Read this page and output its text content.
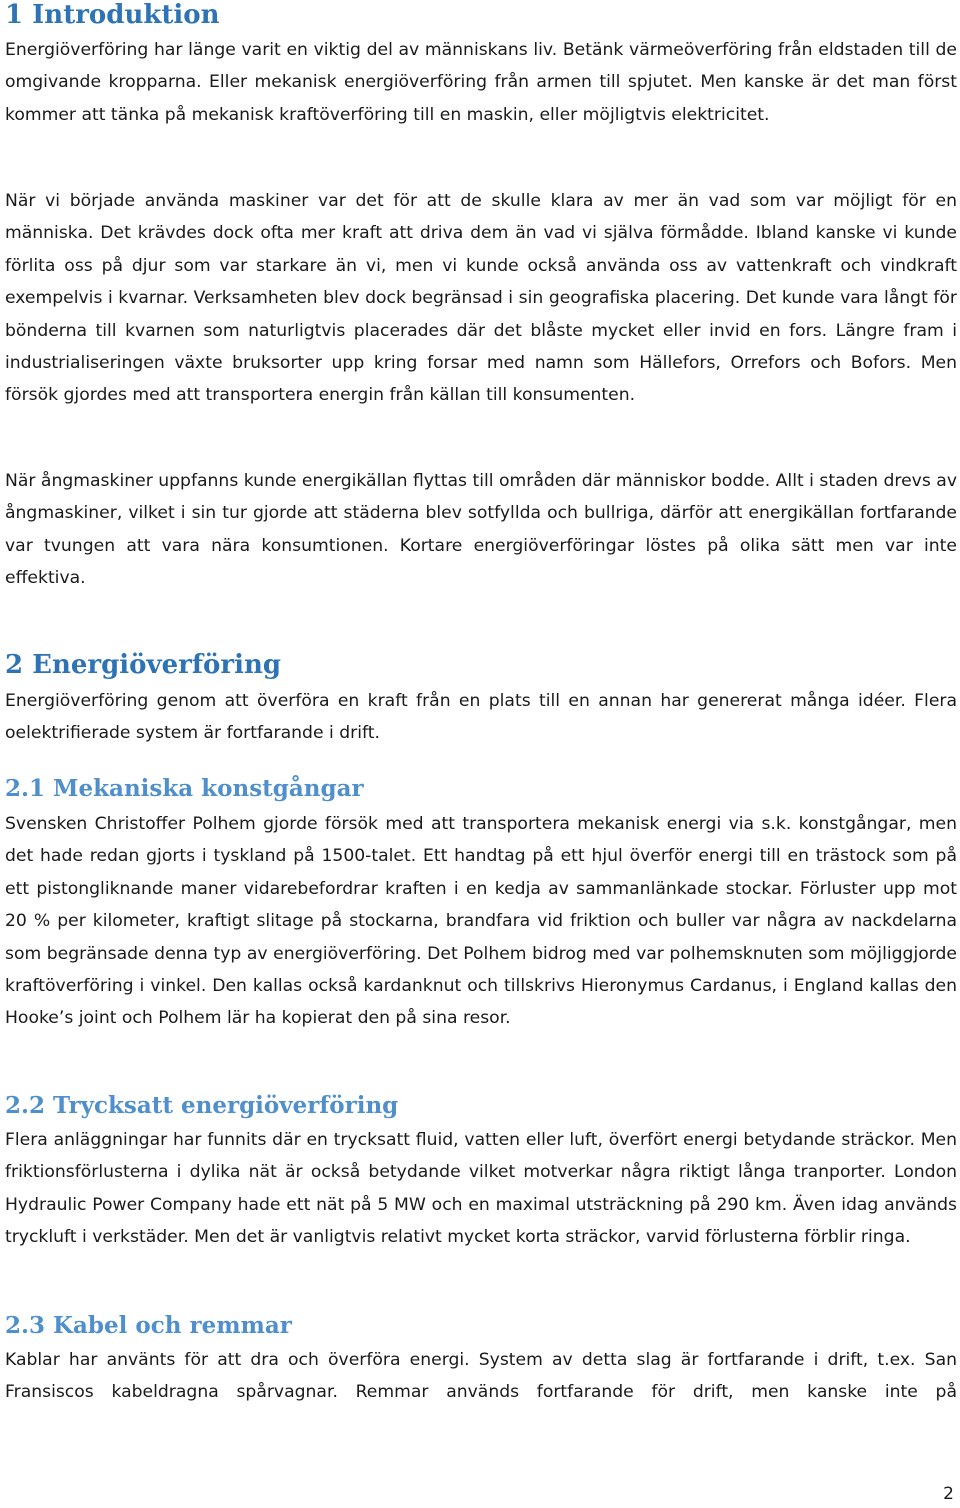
1 Introduktion

Energiöverföring har länge varit en viktig del av människans liv. Betänk värmeöverföring från eldstaden till de omgivande kropparna. Eller mekanisk energiöverföring från armen till spjutet. Men kanske är det man först kommer att tänka på mekanisk kraftöverföring till en maskin, eller möjligtvis elektricitet.

När vi började använda maskiner var det för att de skulle klara av mer än vad som var möjligt för en människa. Det krävdes dock ofta mer kraft att driva dem än vad vi själva förmådde. Ibland kanske vi kunde förlita oss på djur som var starkare än vi, men vi kunde också använda oss av vattenkraft och vindkraft exempelvis i kvarnar. Verksamheten blev dock begränsad i sin geografiska placering. Det kunde vara långt för bönderna till kvarnen som naturligtvis placerades där det blåste mycket eller invid en fors. Längre fram i industrialiseringen växte bruksorter upp kring forsar med namn som Hällefors, Orrefors och Bofors. Men försök gjordes med att transportera energin från källan till konsumenten.

När ångmaskiner uppfanns kunde energikällan flyttas till områden där människor bodde. Allt i staden drevs av ångmaskiner, vilket i sin tur gjorde att städerna blev sotfyllda och bullriga, därför att energikällan fortfarande var tvungen att vara nära konsumtionen. Kortare energiöverföringar löstes på olika sätt men var inte effektiva.

2 Energiöverföring

Energiöverföring genom att överföra en kraft från en plats till en annan har genererat många idéer. Flera oelektrifierade system är fortfarande i drift.

2.1 Mekaniska konstgångar

Svensken Christoffer Polhem gjorde försök med att transportera mekanisk energi via s.k. konstgångar, men det hade redan gjorts i tyskland på 1500-talet. Ett handtag på ett hjul överför energi till en trästock som på ett pistongliknande maner vidarebefordrar kraften i en kedja av sammanlänkade stockar. Förluster upp mot 20 % per kilometer, kraftigt slitage på stockarna, brandfara vid friktion och buller var några av nackdelarna som begränsade denna typ av energiöverföring. Det Polhem bidrog med var polhemsknuten som möjliggjorde kraftöverföring i vinkel. Den kallas också kardanknut och tillskrivs Hieronymus Cardanus, i England kallas den Hooke’s joint och Polhem lär ha kopierat den på sina resor.

2.2 Trycksatt energiöverföring

Flera anläggningar har funnits där en trycksatt fluid, vatten eller luft, överfört energi betydande sträckor. Men friktionsförlusterna i dylika nät är också betydande vilket motverkar några riktigt långa tranporter. London Hydraulic Power Company hade ett nät på 5 MW och en maximal utsträckning på 290 km. Även idag används tryckluft i verkstäder. Men det är vanligtvis relativt mycket korta sträckor, varvid förlusterna förblir ringa.

2.3 Kabel och remmar

Kablar har använts för att dra och överföra energi. System av detta slag är fortfarande i drift, t.ex. San Fransiscos kabeldragna spårvagnar. Remmar används fortfarande för drift, men kanske inte på

2
